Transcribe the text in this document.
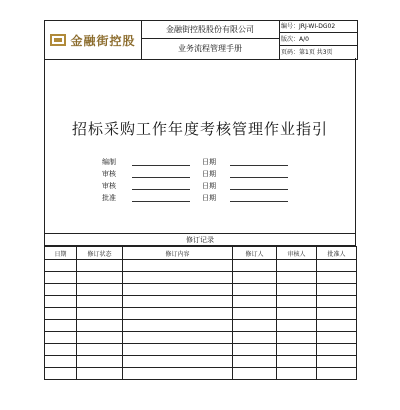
金融街控股
金融街控股股份有限公司
业务流程管理手册
编号：JRJ-WI-DG02
版次：A/0
页码：第1页 共3页
招标采购工作年度考核管理作业指引
编制	日期
审核	日期
审核	日期
批准	日期
修订记录
日期	修订状态	修订内容	修订人	审核人	批准人
